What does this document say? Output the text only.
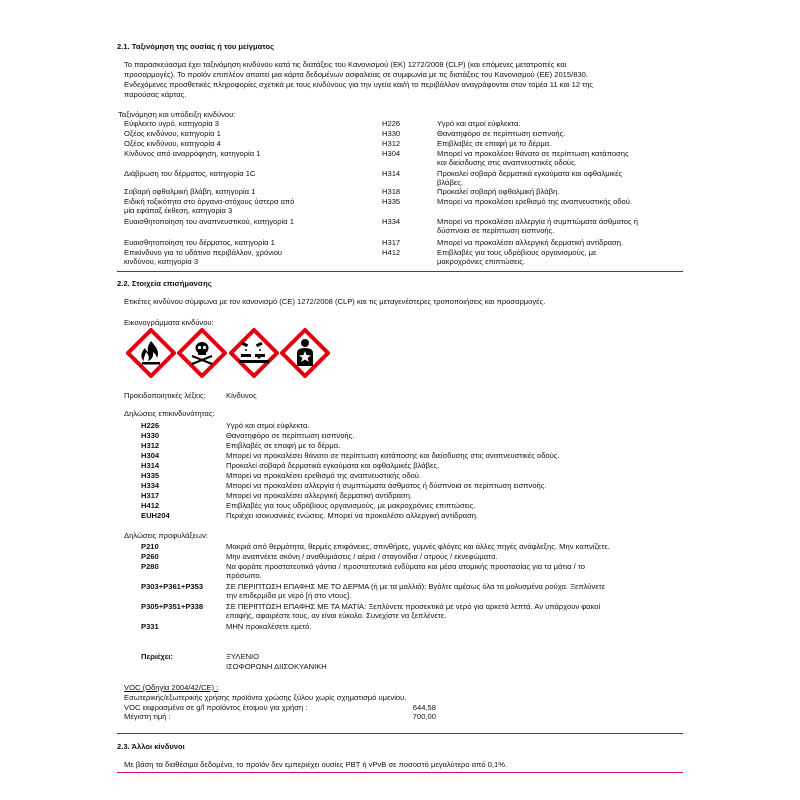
2.1. Ταξινόμηση της ουσίας ή του μείγματος
Το παρασκεύασμα έχει ταξινόμηση κινδύνου κατά τις διατάξεις του Κανονισμού (ΕΚ) 1272/2008 (CLP) (και επόμενες μετατροπές και
προσαρμογές). Το προϊόν επιπλέον απαιτεί μια κάρτα δεδομένων ασφαλείας σε συμφωνία με τις διατάξεις του Κανονισμού (ΕΕ) 2015/830.
Ενδεχόμενες προσθετικές πληροφορίες σχετικά με τους κινδύνους για την υγεία και/ή το περιβάλλον αναγράφονται στον τομέα 11 και 12 της
παρούσας κάρτας.
Ταξινόμηση και υπόδειξη κινδύνου:
Εύφλεκτο υγρό, κατηγορία 3	H226	Υγρό και ατμοί εύφλεκτα.
Οξέος κινδύνου, κατηγορία 1	H330	Θανατηφόρο σε περίπτωση εισπνοής.
Οξέος κινδύνου, κατηγορία 4	H312	Επιβλαβές σε επαφή με το δέρμα.
Κίνδυνος από αναρρόφηση, κατηγορία 1	H304	Μπορεί να προκαλέσει θάνατο σε περίπτωση κατάποσης
και διείσδυσης στις αναπνευστικές οδούς.
Διάβρωση του δέρματος, κατηγορία 1C	H314	Προκαλεί σοβαρά δερματικά εγκαύματα και οφθαλμικές
βλάβες.
Σοβαρή οφθαλμική βλάβη, κατηγορία 1	H318	Προκαλεί σοβαρή οφθαλμική βλάβη.
Ειδική τοξικότητα στο όργανα-στόχους ύστερα από
μία εφάπαξ έκθεση, κατηγορία 3
H335	Μπορεί να προκαλέσει ερεθισμό της αναπνευστικής οδού.
Ευαισθητοποίηση του αναπνευστικού, κατηγορία 1	H334	Μπορεί να προκαλέσει αλλεργία ή συμπτώματα άσθματος ή
δύσπνοια σε περίπτωση εισπνοής.
Ευαισθητοποίηση του δέρματος, κατηγορία 1	H317	Μπορεί να προκαλέσει αλλεργική δερματική αντίδραση.
Επικίνδυνο για το υδάτινο περιβάλλον, χρόνιου
κινδύνου, κατηγορία 3
H412	Επιβλαβές για τους υδρόβιους οργανισμούς, με
μακροχρόνιες επιπτώσεις.
2.2. Στοιχεία επισήμανσης
Ετικέτες κινδύνου σύμφωνα με τον κανονισμό (CE) 1272/2008 (CLP) και τις μεταγενέστερες τροποποιήσεις και προσαρμογές.
Εικονογράμματα κινδύνου:
Προειδοποιητικές λέξεις:	Κίνδυνος
Δηλώσεις επικινδυνότητας:
H226	Υγρό και ατμοί εύφλεκτα.
H330	Θανατηφόρο σε περίπτωση εισπνοής.
H312	Επιβλαβές σε επαφή με το δέρμα.
H304	Μπορεί να προκαλέσει θάνατο σε περίπτωση κατάποσης και διείσδυσης στις αναπνευστικές οδούς.
H314	Προκαλεί σοβαρά δερματικά εγκαύματα και οφθαλμικές βλάβες.
H335	Μπορεί να προκαλέσει ερεθισμό της αναπνευστικής οδού.
H334	Μπορεί να προκαλέσει αλλεργία ή συμπτώματα άσθματος ή δύσπνοια σε περίπτωση εισπνοής.
H317	Μπορεί να προκαλέσει αλλεργική δερματική αντίδραση.
H412	Επιβλαβές για τους υδρόβιους οργανισμούς, με μακροχρόνιες επιπτώσεις.
EUH204	Περιέχει ισοκυανικές ενώσεις. Μπορεί να προκαλέσει αλλεργική αντίδραση.
Δηλώσεις προφυλάξεων:
P210	Μακριά από θερμότητα, θερμές επιφάνειες, σπινθήρες, γυμνές φλόγες και άλλες πηγές ανάφλεξης. Μην καπνίζετε.
P260	Μην αναπνέετε σκόνη / αναθυμιάσεις / αέρια / σταγονίδια / ατμούς / εκνεφώματα.
P280	Να φοράτε προστατευτικά γάντια / προστατευτικά ενδύματα και μέσα ατομικής προστασίας για τα μάτια / το
πρόσωπο.
P303+P361+P353	ΣΕ ΠΕΡΙΠΤΩΣΗ ΕΠΑΦΗΣ ΜΕ ΤΟ ΔΕΡΜΑ (ή με τα μαλλιά): Βγάλτε αμέσως όλα τα μολυσμένα ρούχα. Ξεπλύνετε
την επιδερμίδα με νερό [ή στο ντους].
P305+P351+P338	ΣΕ ΠΕΡΙΠΤΩΣΗ ΕΠΑΦΗΣ ΜΕ ΤΑ ΜΑΤΙΑ: Ξεπλύνετε προσεκτικά με νερό για αρκετά λεπτά. Αν υπάρχουν φακοί
επαφής, αφαιρέστε τους, αν είναι εύκολο. Συνεχίστε να ξεπλένετε.
P331	ΜΗΝ προκαλέσετε εμετό.
Περιέχει:	ΞΥΛΕΝΙΟ
ΙΣΟΦΟΡΩΝΗ ΔΙΙΣΟΚΥΑΝΙΚΗ
VOC (Οδηγία 2004/42/CE) :
Εσωτερικής/εξωτερικής χρήσης προϊόντα χρώσης ξύλου χωρίς σχηματισμό υμενίου.
VOC εκφρασμένα σε g/l προϊόντος έτοιμου για χρήση :	644,58
Μέγιστη τιμή :	700,00
2.3. Άλλοι κίνδυνοι
Με βάση τα διαθέσιμα δεδομένα, το προϊόν δεν εμπεριέχει ουσίες PBT ή vPvB σε ποσοστό μεγαλύτερο από 0,1%.
